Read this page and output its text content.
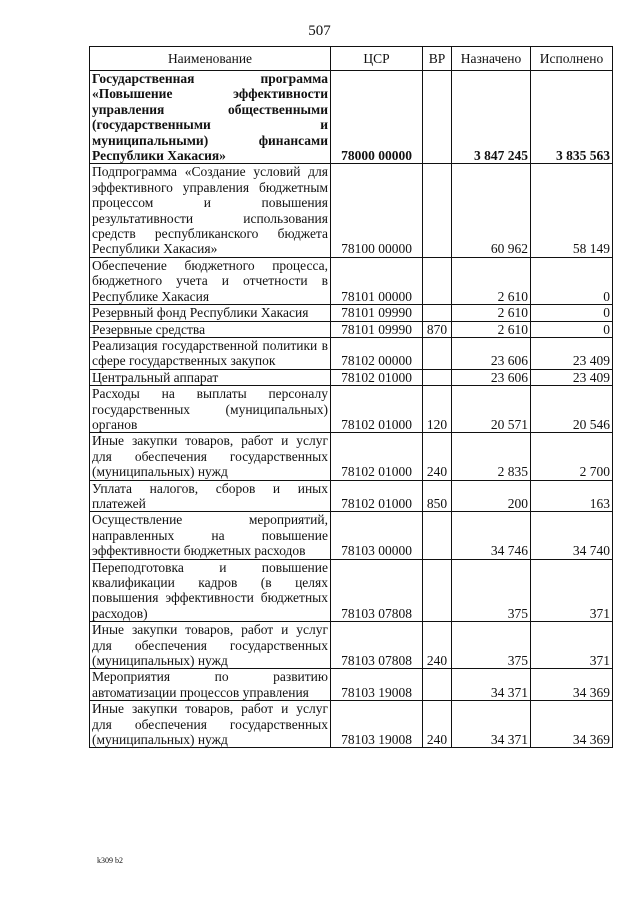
507
Наименование	ЦСР	ВР	Назначено	Исполнено
Государственная программа «Повышение эффективности управления общественными (государственными и муниципальными) финансами Республики Хакасия»	78000 00000		3 847 245	3 835 563
Подпрограмма «Создание условий для эффективного управления бюджетным процессом и повышения результативности использования средств республиканского бюджета Республики Хакасия»	78100 00000		60 962	58 149
Обеспечение бюджетного процесса, бюджетного учета и отчетности в Республике Хакасия	78101 00000		2 610	0
Резервный фонд Республики Хакасия	78101 09990		2 610	0
Резервные средства	78101 09990	870	2 610	0
Реализация государственной политики в сфере государственных закупок	78102 00000		23 606	23 409
Центральный аппарат	78102 01000		23 606	23 409
Расходы на выплаты персоналу государственных (муниципальных) органов	78102 01000	120	20 571	20 546
Иные закупки товаров, работ и услуг для обеспечения государственных (муниципальных) нужд	78102 01000	240	2 835	2 700
Уплата налогов, сборов и иных платежей	78102 01000	850	200	163
Осуществление мероприятий, направленных на повышение эффективности бюджетных расходов	78103 00000		34 746	34 740
Переподготовка и повышение квалификации кадров (в целях повышения эффективности бюджетных расходов)	78103 07808		375	371
Иные закупки товаров, работ и услуг для обеспечения государственных (муниципальных) нужд	78103 07808	240	375	371
Мероприятия по развитию автоматизации процессов управления	78103 19008		34 371	34 369
Иные закупки товаров, работ и услуг для обеспечения государственных (муниципальных) нужд	78103 19008	240	34 371	34 369
k309 b2
